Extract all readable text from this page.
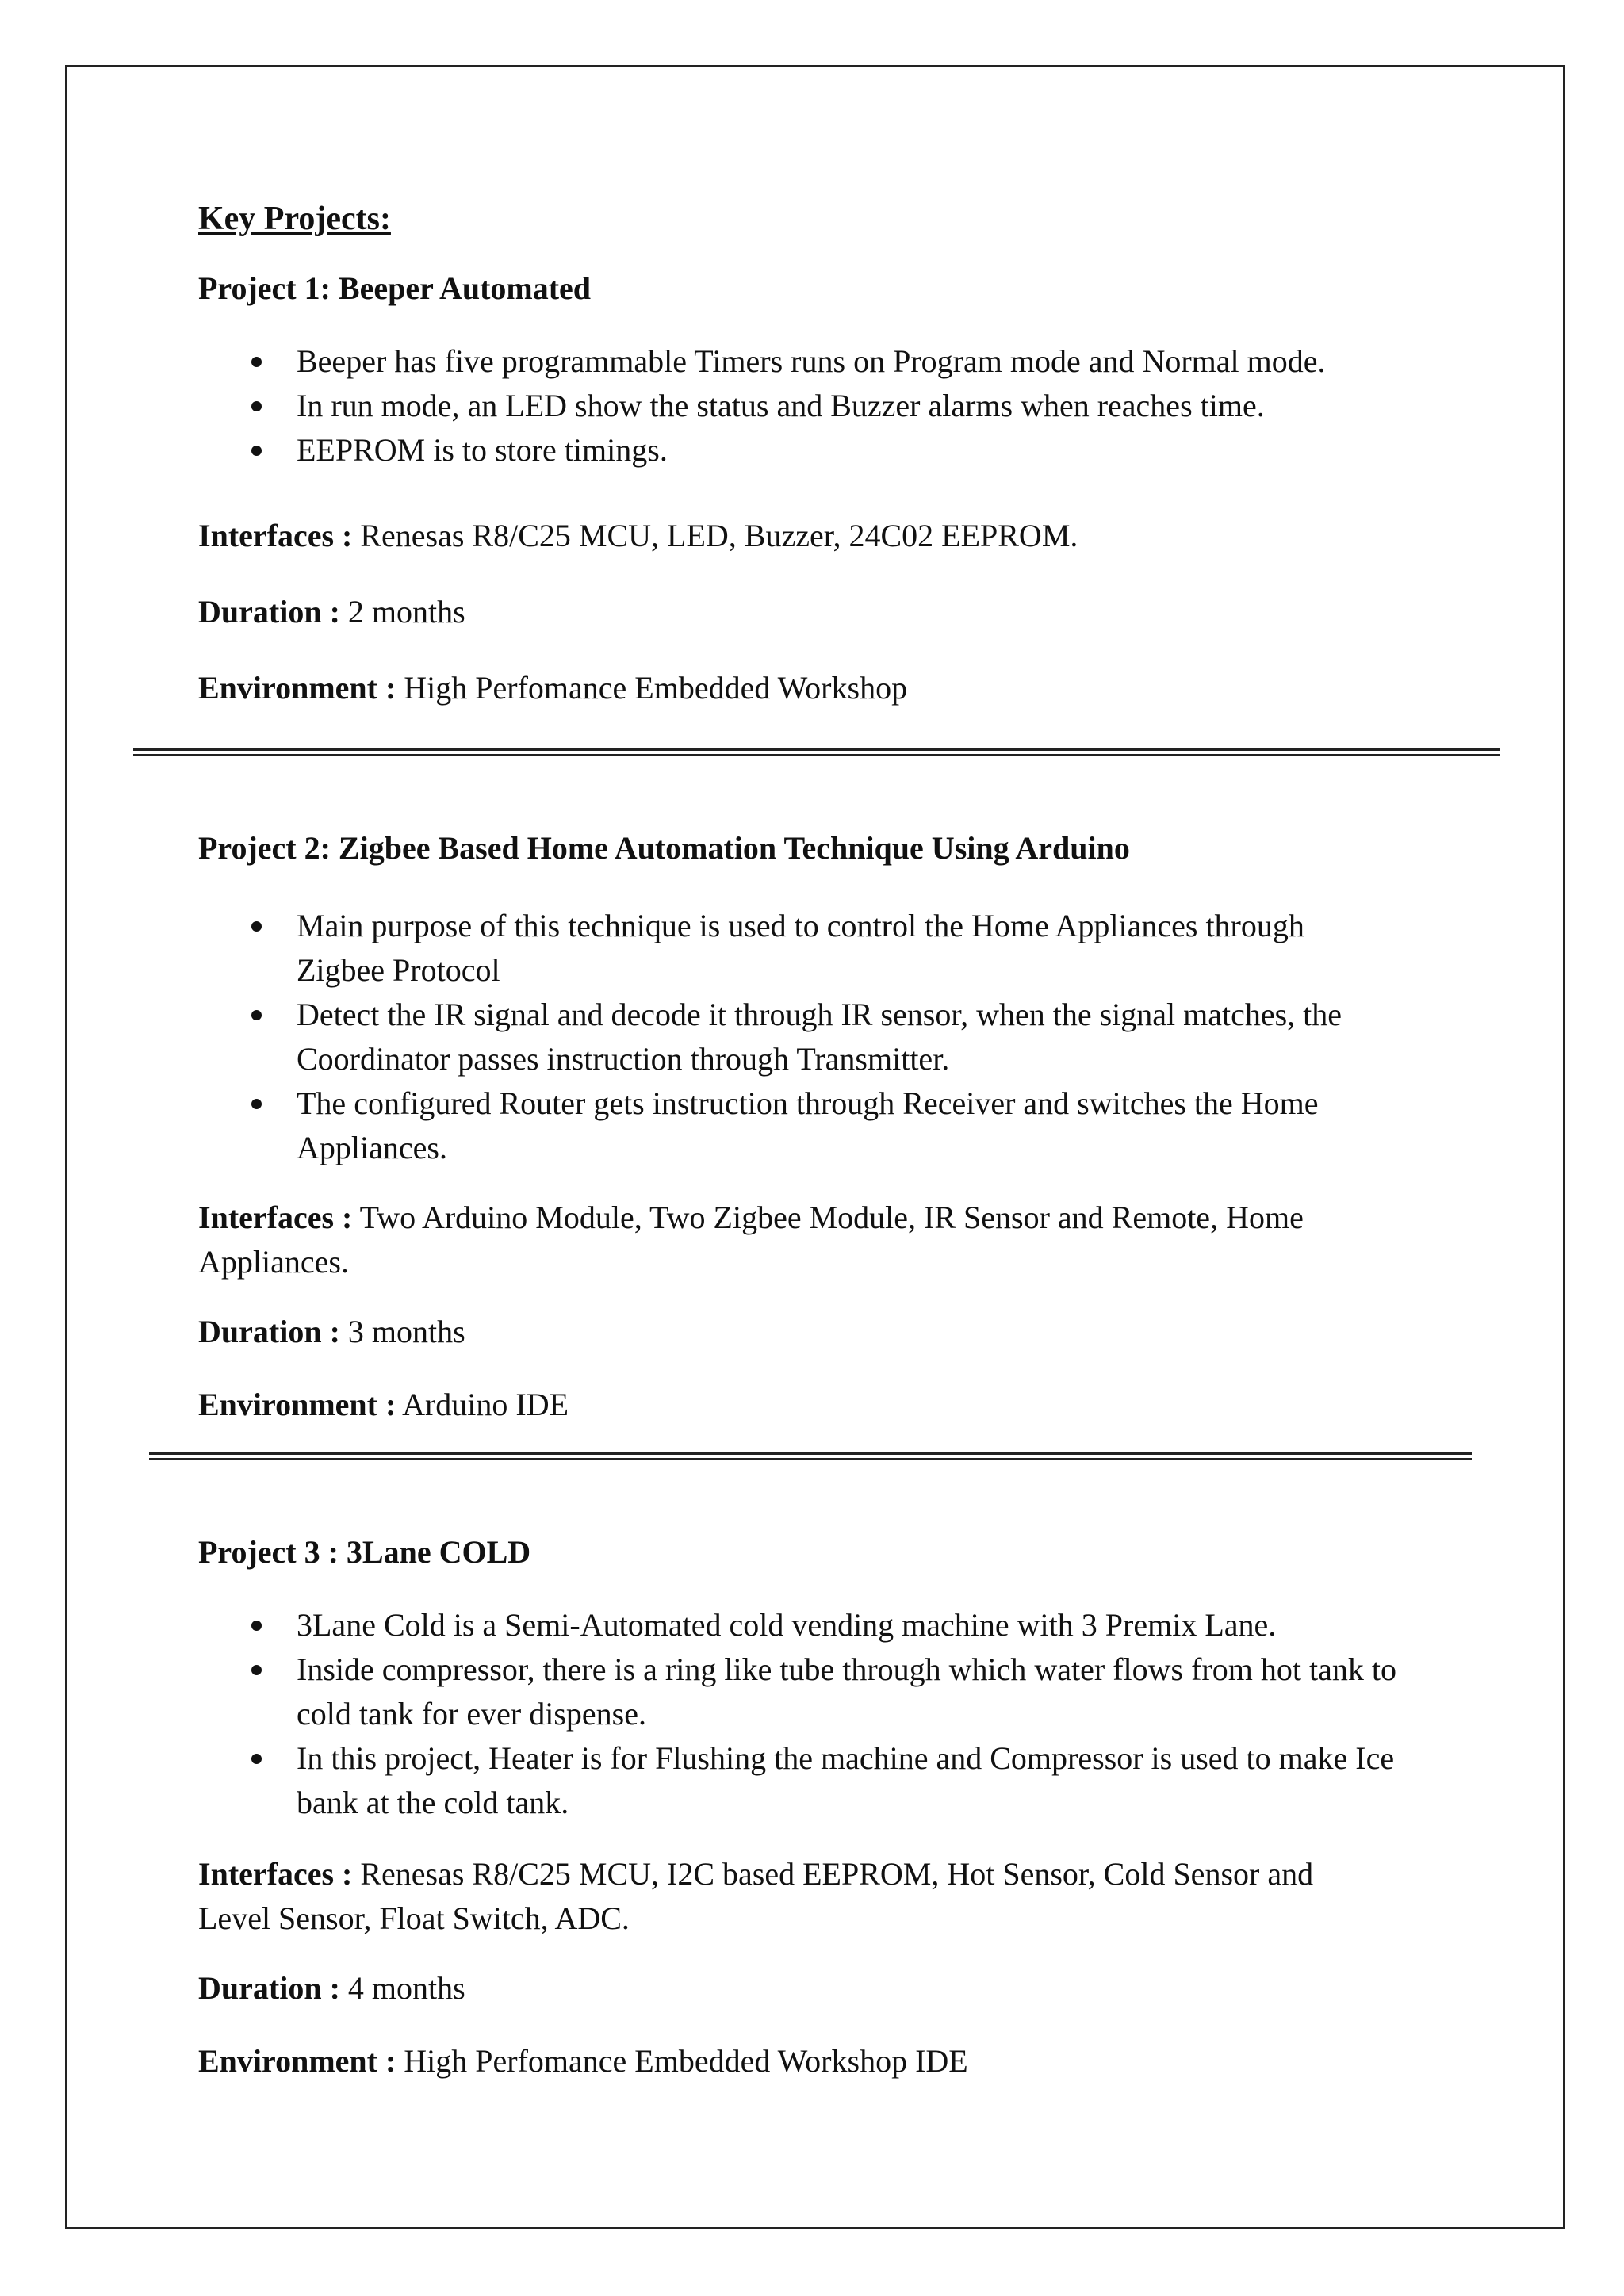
Key Projects:
Project 1: Beeper Automated
Beeper has five programmable Timers runs on Program mode and Normal mode.
In run mode, an LED show the status and Buzzer alarms when reaches time.
EEPROM is to store timings.
Interfaces : Renesas R8/C25 MCU, LED, Buzzer, 24C02 EEPROM.
Duration : 2 months
Environment : High Perfomance Embedded Workshop
Project 2: Zigbee Based Home Automation Technique Using Arduino
Main purpose of this technique is used to control the Home Appliances through
Zigbee Protocol
Detect the IR signal and decode it through IR sensor, when the signal matches, the
Coordinator passes instruction through Transmitter.
The configured Router gets instruction through Receiver and switches the Home
Appliances.
Interfaces : Two Arduino Module, Two Zigbee Module, IR Sensor and Remote, Home
Appliances.
Duration : 3 months
Environment : Arduino IDE
Project 3 : 3Lane COLD
3Lane Cold is a Semi-Automated cold vending machine with 3 Premix Lane.
Inside compressor, there is a ring like tube through which water flows from hot tank to
cold tank for ever dispense.
In this project, Heater is for Flushing the machine and Compressor is used to make Ice
bank at the cold tank.
Interfaces : Renesas R8/C25 MCU, I2C based EEPROM, Hot Sensor, Cold Sensor and
Level Sensor, Float Switch, ADC.
Duration : 4 months
Environment : High Perfomance Embedded Workshop IDE
